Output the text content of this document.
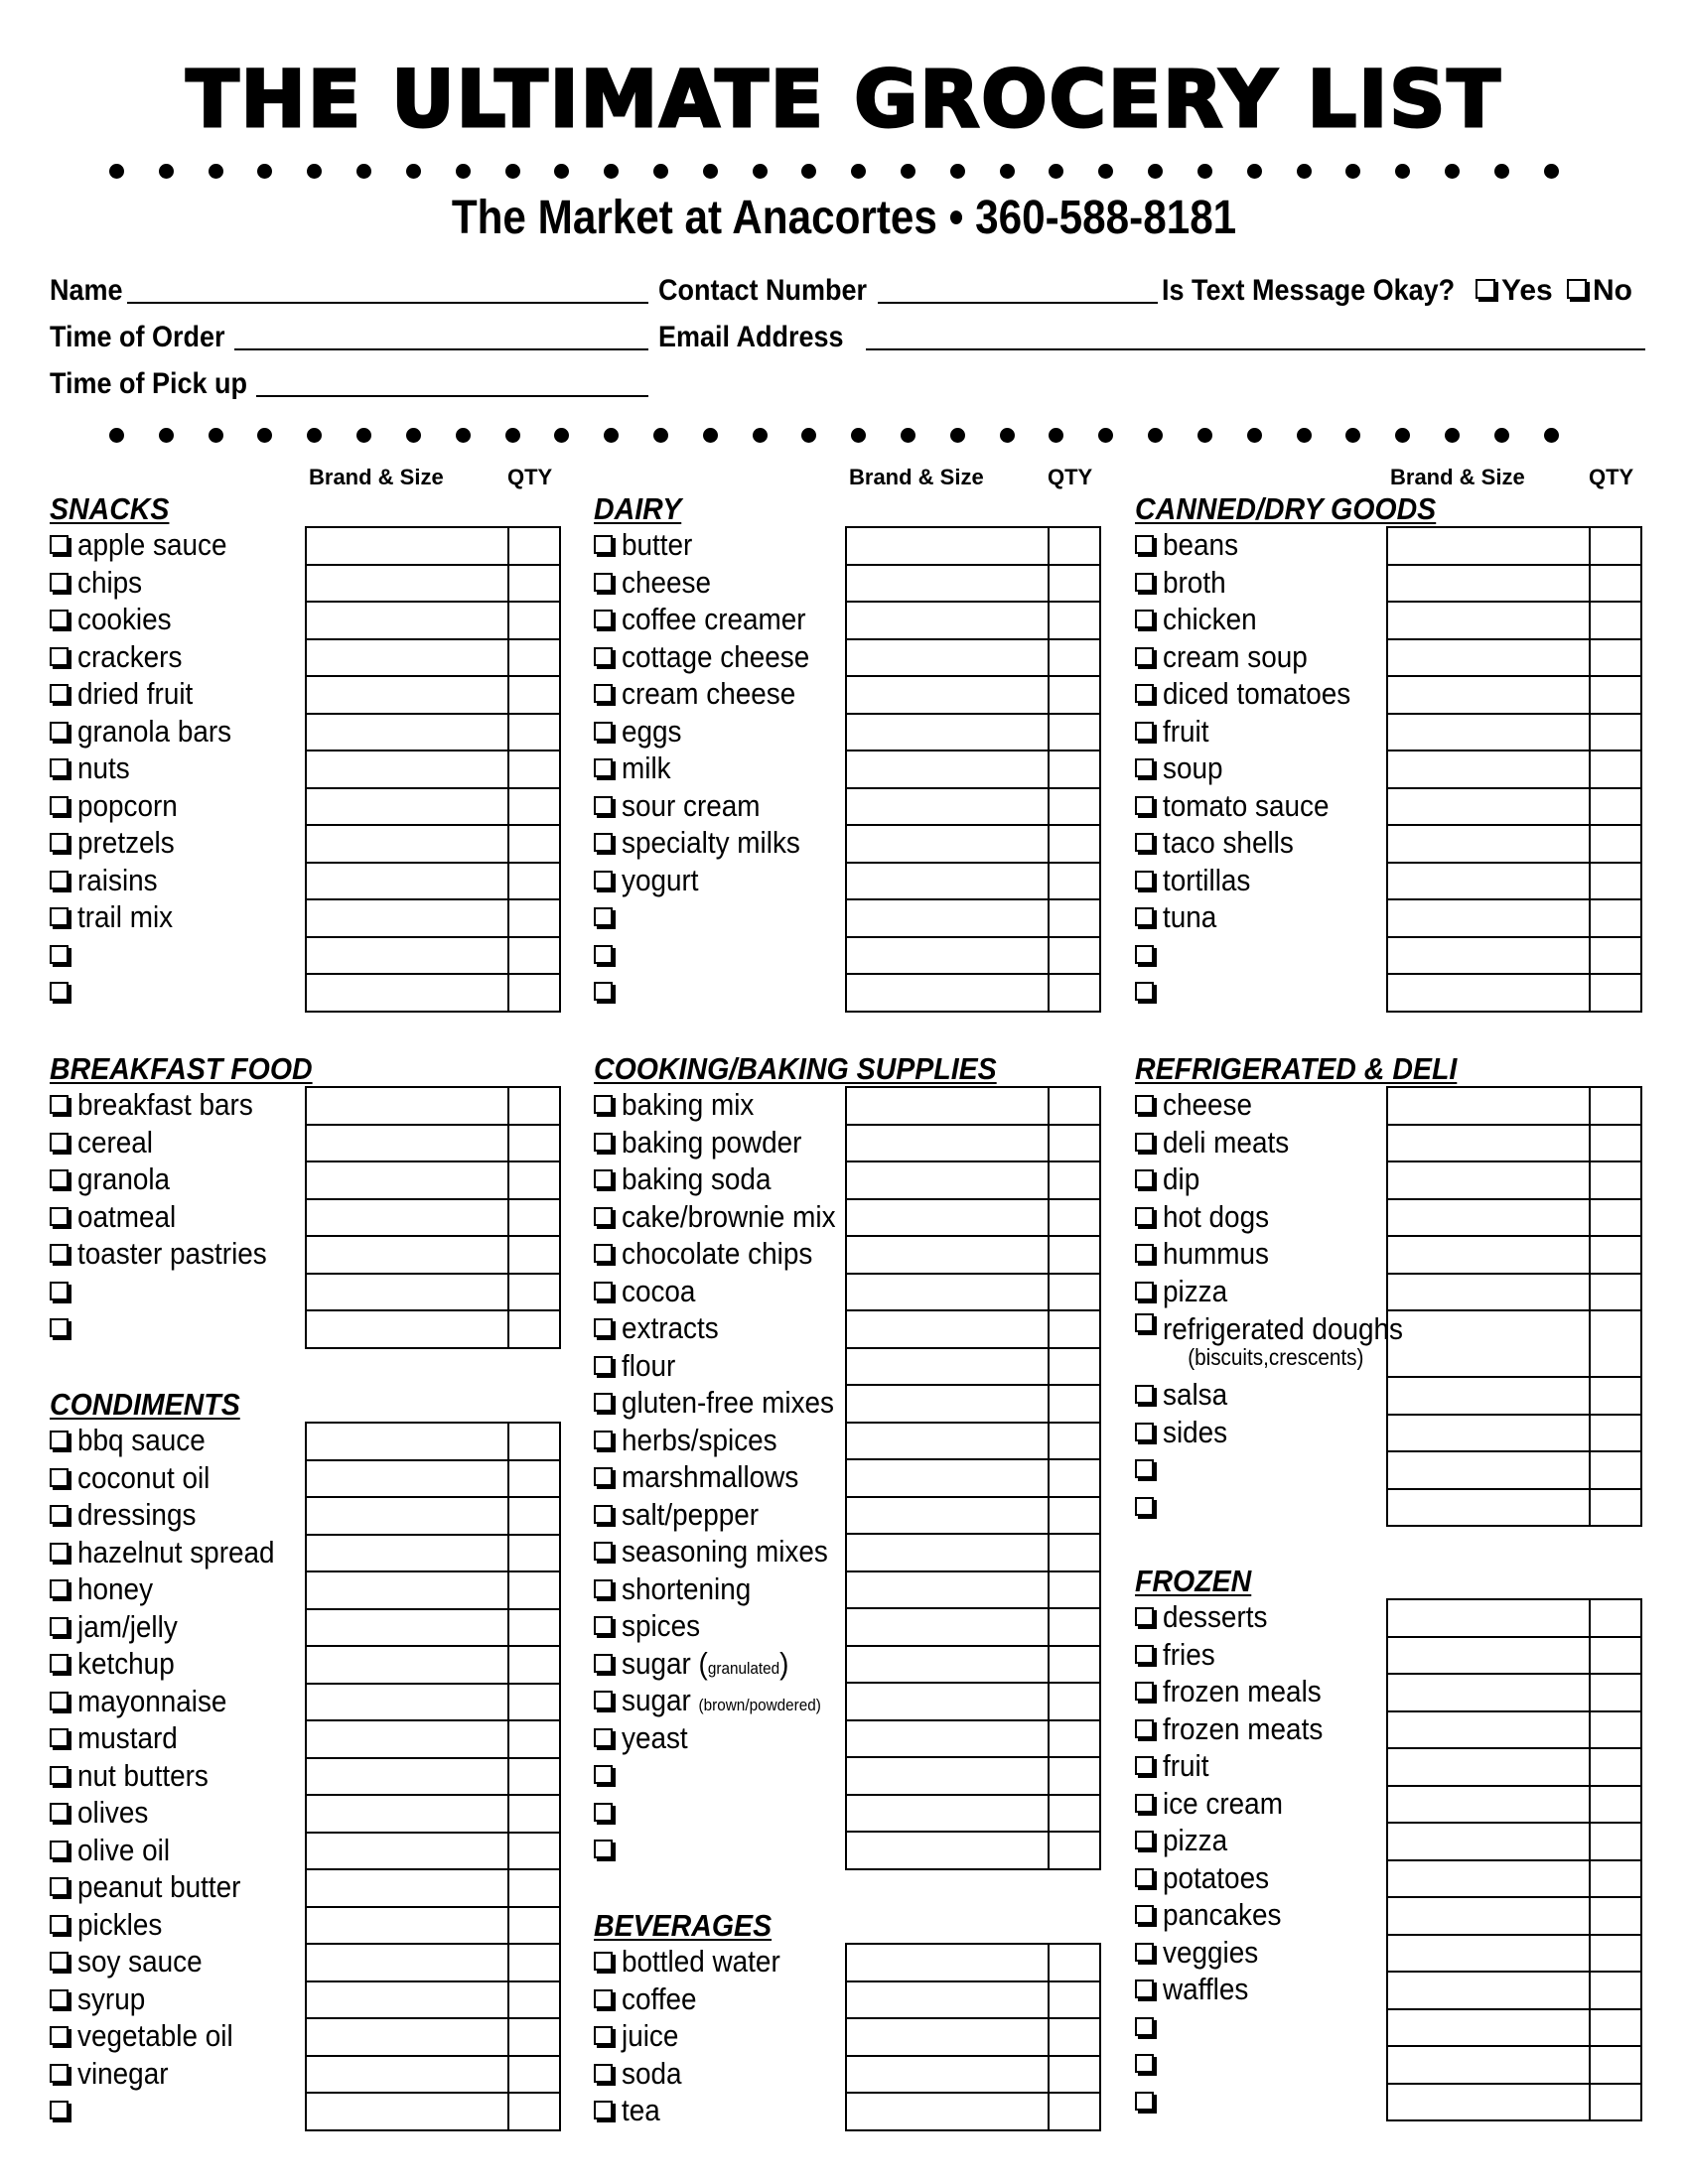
THE ULTIMATE GROCERY LIST
The Market at Anacortes • 360-588-8181
Name	Contact Number	Is Text Message Okay?	Yes	No
Time of Order	Email Address
Time of Pick up
Brand & Size	QTY	Brand & Size	QTY	Brand & Size	QTY
SNACKS
apple sauce
chips
cookies
crackers
dried fruit
granola bars
nuts
popcorn
pretzels
raisins
trail mix
BREAKFAST FOOD
breakfast bars
cereal
granola
oatmeal
toaster pastries
CONDIMENTS
bbq sauce
coconut oil
dressings
hazelnut spread
honey
jam/jelly
ketchup
mayonnaise
mustard
nut butters
olives
olive oil
peanut butter
pickles
soy sauce
syrup
vegetable oil
vinegar
DAIRY
butter
cheese
coffee creamer
cottage cheese
cream cheese
eggs
milk
sour cream
specialty milks
yogurt
COOKING/BAKING SUPPLIES
baking mix
baking powder
baking soda
cake/brownie mix
chocolate chips
cocoa
extracts
flour
gluten-free mixes
herbs/spices
marshmallows
salt/pepper
seasoning mixes
shortening
spices
sugar (granulated)
sugar (brown/powdered)
yeast
BEVERAGES
bottled water
coffee
juice
soda
tea
CANNED/DRY GOODS
beans
broth
chicken
cream soup
diced tomatoes
fruit
soup
tomato sauce
taco shells
tortillas
tuna
REFRIGERATED & DELI
cheese
deli meats
dip
hot dogs
hummus
pizza
refrigerated doughs
(biscuits,crescents)
salsa
sides
FROZEN
desserts
fries
frozen meals
frozen meats
fruit
ice cream
pizza
potatoes
pancakes
veggies
waffles
